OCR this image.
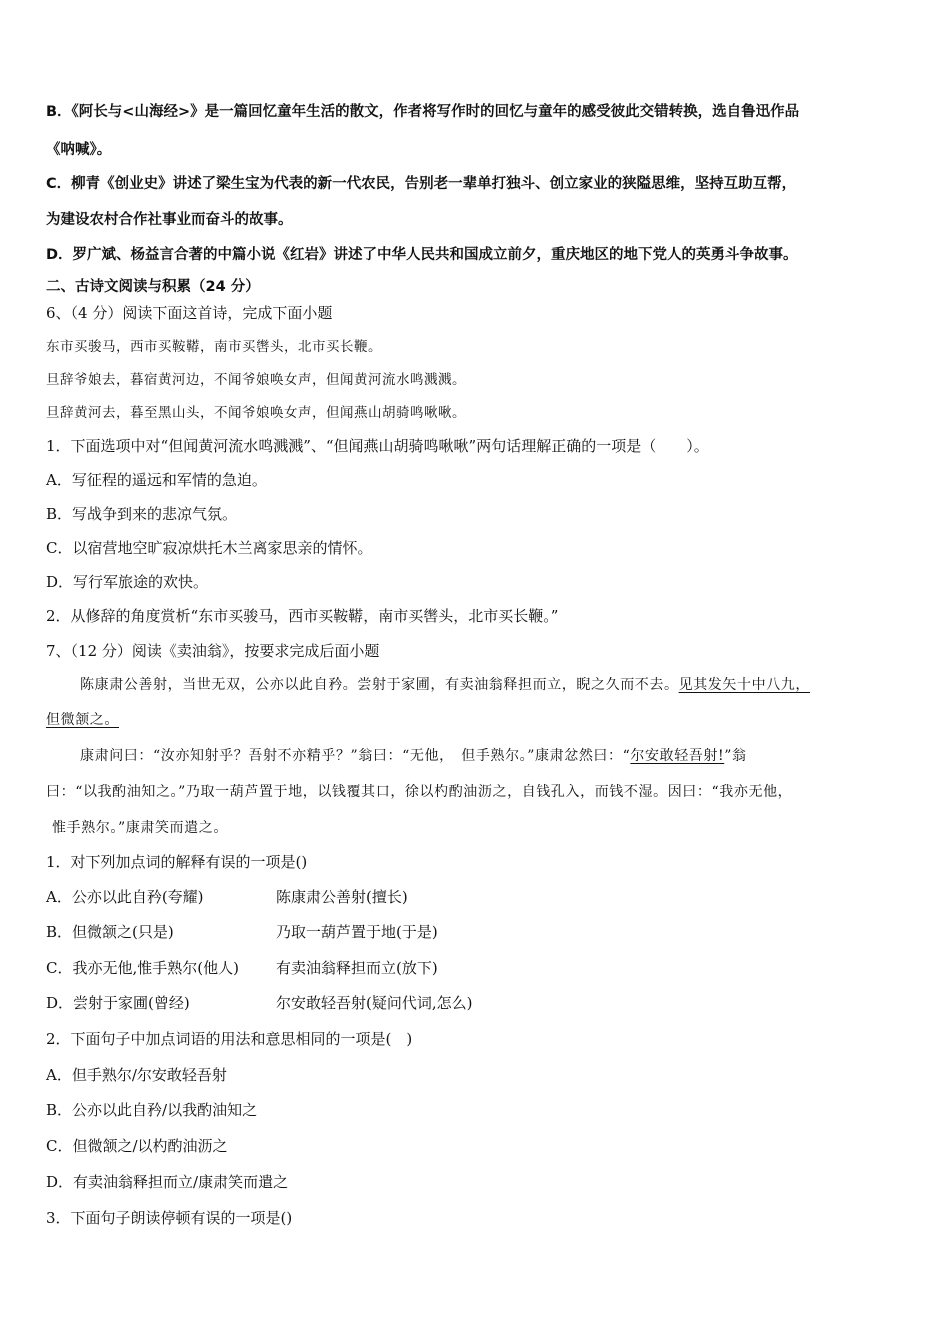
B．《阿长与<山海经>》是一篇回忆童年生活的散文，作者将写作时的回忆与童年的感受彼此交错转换，选自鲁迅作品
《呐喊》。
C．柳青《创业史》讲述了梁生宝为代表的新一代农民，告别老一辈单打独斗、创立家业的狭隘思维，坚持互助互帮，
为建设农村合作社事业而奋斗的故事。
D．罗广斌、杨益言合著的中篇小说《红岩》讲述了中华人民共和国成立前夕，重庆地区的地下党人的英勇斗争故事。
二、古诗文阅读与积累（24 分）
6、（4 分）阅读下面这首诗，完成下面小题
东市买骏马，西市买鞍鞯，南市买辔头，北市买长鞭。
旦辞爷娘去，暮宿黄河边，不闻爷娘唤女声，但闻黄河流水鸣溅溅。
旦辞黄河去，暮至黑山头，不闻爷娘唤女声，但闻燕山胡骑鸣啾啾。
1．下面选项中对“但闻黄河流水鸣溅溅”、“但闻燕山胡骑鸣啾啾”两句话理解正确的一项是（　　）。
A．写征程的遥远和军情的急迫。
B．写战争到来的悲凉气氛。
C．以宿营地空旷寂凉烘托木兰离家思亲的情怀。
D．写行军旅途的欢快。
2．从修辞的角度赏析“东市买骏马，西市买鞍鞯，南市买辔头，北市买长鞭。”
7、（12 分）阅读《卖油翁》，按要求完成后面小题
陈康肃公善射，当世无双，公亦以此自矜。尝射于家圃，有卖油翁释担而立，睨之久而不去。见其发矢十中八九，
但微颔之。
康肃问曰：“汝亦知射乎？吾射不亦精乎？”翁曰：“无他，　但手熟尔。”康肃忿然曰：“尔安敢轻吾射!”翁
曰：“以我酌油知之。”乃取一葫芦置于地，以钱覆其口，徐以杓酌油沥之，自钱孔入，而钱不湿。因曰：“我亦无他，
惟手熟尔。”康肃笑而遣之。
1．对下列加点词的解释有误的一项是()
A．公亦以此自矜(夸耀)	陈康肃公善射(擅长)
B．但微颔之(只是)	乃取一葫芦置于地(于是)
C．我亦无他,惟手熟尔(他人) 有卖油翁释担而立(放下)
D．尝射于家圃(曾经)	尔安敢轻吾射(疑问代词,怎么)
2．下面句子中加点词语的用法和意思相同的一项是(　)
A．但手熟尔/尔安敢轻吾射
B．公亦以此自矜/以我酌油知之
C．但微颔之/以杓酌油沥之
D．有卖油翁释担而立/康肃笑而遣之
3．下面句子朗读停顿有误的一项是()
